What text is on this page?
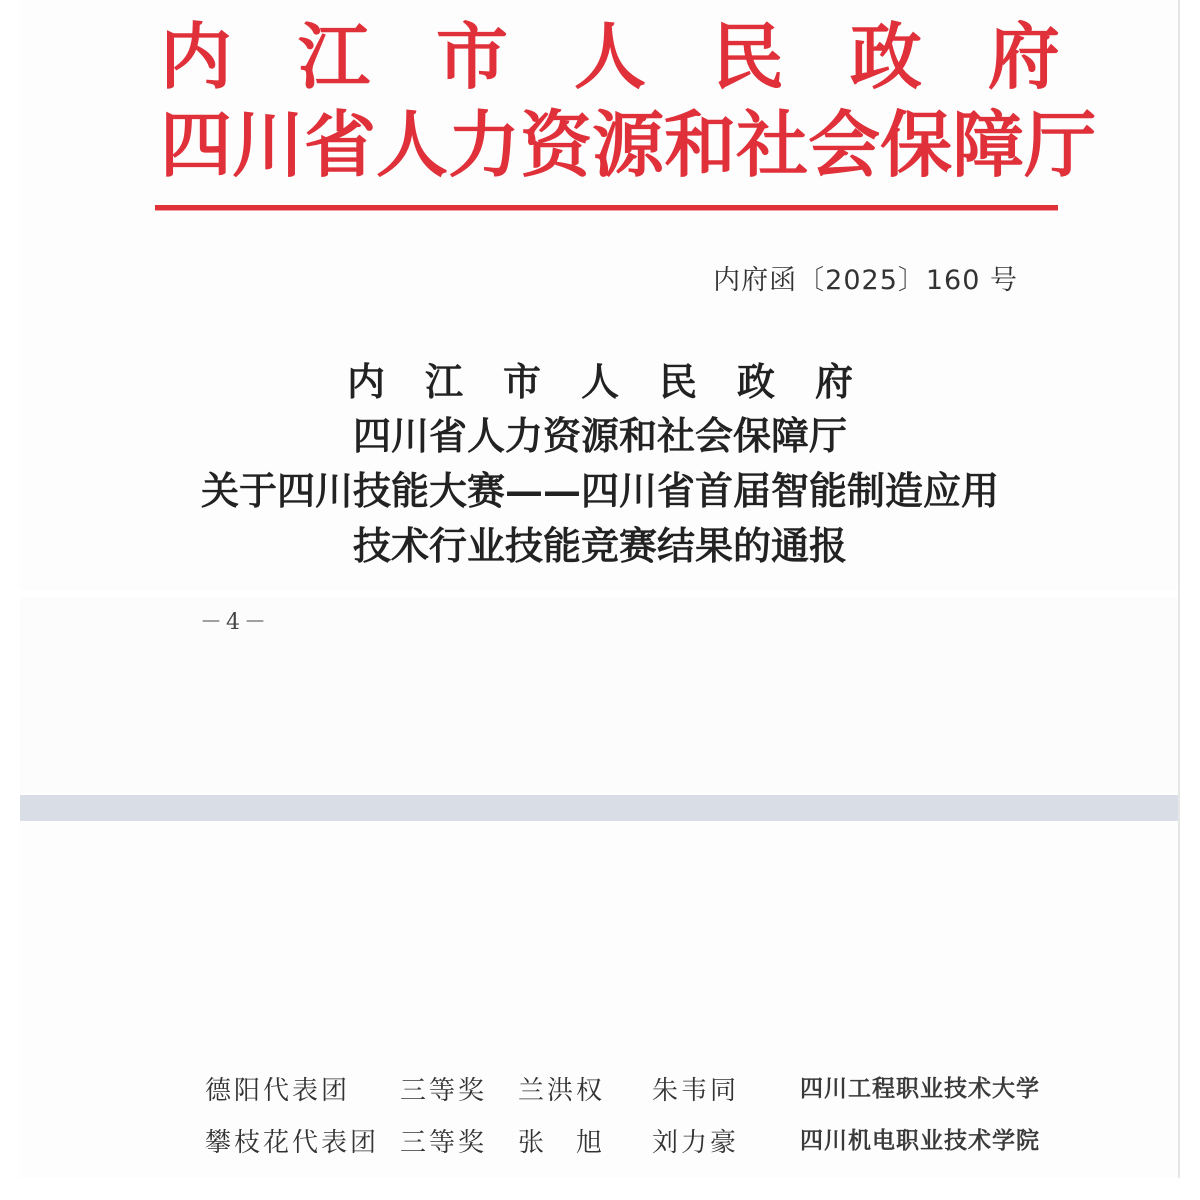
内 江 市 人 民 政 府
四 川 省 人 力 资 源 和 社 会 保 障 厅
内府函〔2025〕160 号
内江市人民政府
四川省人力资源和社会保障厅
关于四川技能大赛——四川省首届智能制造应用
技术行业技能竞赛结果的通报
－4－
德阳代表团 三等奖 兰洪权 朱韦同	四川工程职业技术大学
攀枝花代表团 三等奖 张　旭 刘力豪	四川机电职业技术学院
